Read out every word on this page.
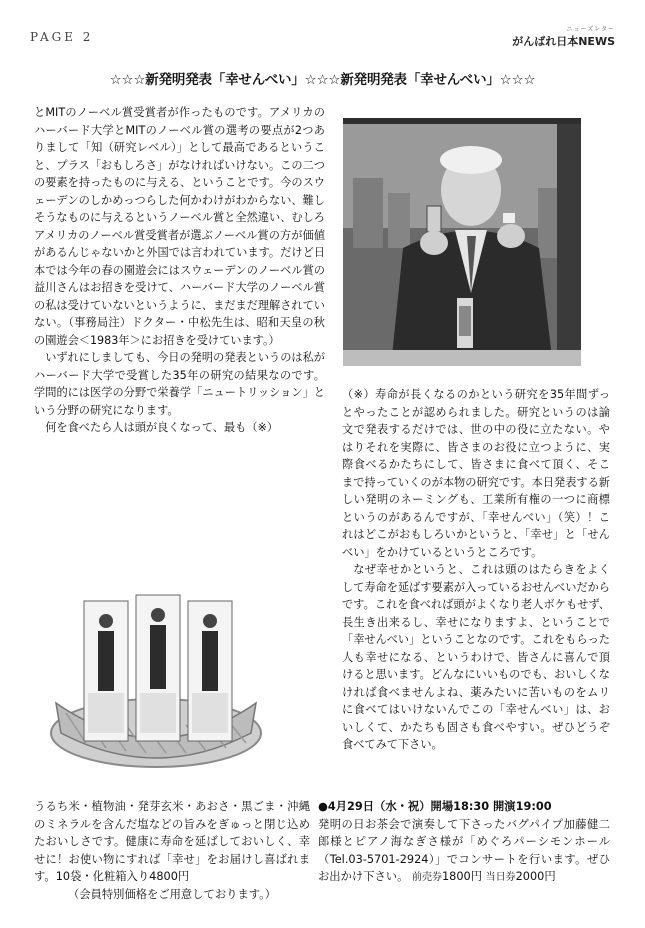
PAGE 2
ニューズレター
がんばれ日本NEWS
☆☆☆新発明発表「幸せんべい」☆☆☆新発明発表「幸せんべい」☆☆☆

とMITのノーベル賞受賞者が作ったものです。アメリカのハーバード大学とMITのノーベル賞の選考の要点が2つありまして「知（研究レベル）」として最高であるということ、プラス「おもしろさ」がなければいけない。この二つの要素を持ったものに与える、ということです。今のスウェーデンのしかめっつらした何かわけがわからない、難しそうなものに与えるというノーベル賞と全然違い、むしろアメリカのノーベル賞受賞者が選ぶノーベル賞の方が価値があるんじゃないかと外国では言われています。だけど日本では今年の春の園遊会にはスウェーデンのノーベル賞の益川さんはお招きを受けて、ハーバード大学のノーベル賞の私は受けていないというように、まだまだ理解されていない。（事務局注）ドクター・中松先生は、昭和天皇の秋の園遊会＜1983年＞にお招きを受けています。）

いずれにしましても、今日の発明の発表というのは私がハーバード大学で受賞した35年の研究の結果なのです。学問的には医学の分野で栄養学「ニュートリッション」という分野の研究になります。

何を食べたら人は頭が良くなって、最も（※）

（※）寿命が長くなるのかという研究を35年間ずっとやったことが認められました。研究というのは論文で発表するだけでは、世の中の役に立たない。やはりそれを実際に、皆さまのお役に立つように、実際食べるかたちにして、皆さまに食べて頂く、そこまで持っていくのが本物の研究です。本日発表する新しい発明のネーミングも、工業所有権の一つに商標というのがあるんですが、「幸せんべい」（笑）！これはどこがおもしろいかというと、「幸せ」と「せんべい」をかけているというところです。

なぜ幸せかというと、これは頭のはたらきをよくして寿命を延ばす要素が入っているおせんべいだからです。これを食べれば頭がよくなり老人ボケもせず、長生き出来るし、幸せになりますよ、ということで「幸せんべい」ということなのです。これをもらった人も幸せになる、というわけで、皆さんに喜んで頂けると思います。どんなにいいものでも、おいしくなければ食べませんよね、薬みたいに苦いものをムリに食べてはいけないんでこの「幸せんべい」は、おいしくて、かたちも固さも食べやすい。ぜひどうぞ食べてみて下さい。

うるち米・植物油・発芽玄米・あおさ・黒ごま・沖縄のミネラルを含んだ塩などの旨みをぎゅっと閉じ込めたおいしさです。健康に寿命を延ばしておいしく、幸せに！お使い物にすれば「幸せ」をお届けし喜ばれます。10袋・化粧箱入り4800円

（会員特別価格をご用意しております。）

●4月29日（水・祝）開場18:30 開演19:00

発明の日お茶会で演奏して下さったバグパイプ加藤健二郎様とピアノ海なぎさ様が「めぐろパーシモンホール（Tel.03-5701-2924）」でコンサートを行います。ぜひお出かけ下さい。 前売券1800円 当日券2000円
